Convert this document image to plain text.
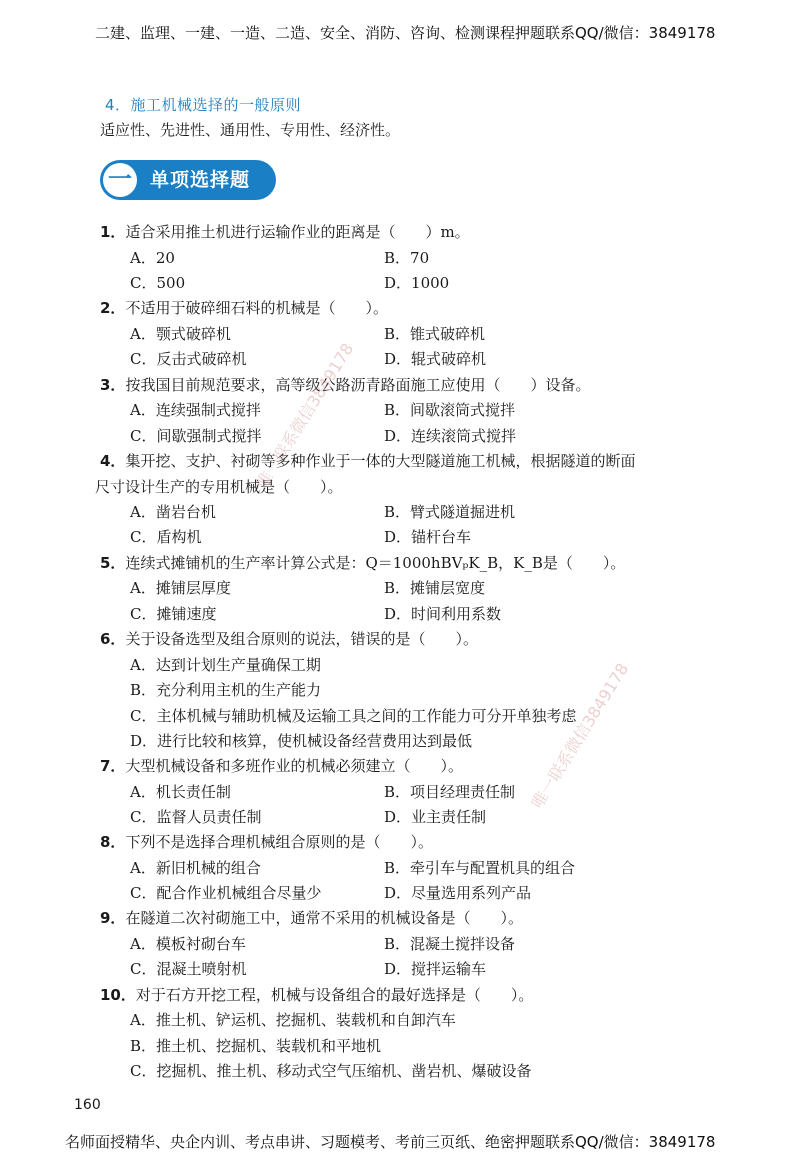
二建、监理、一建、一造、二造、安全、消防、咨询、检测课程押题联系QQ/微信：3849178
4．施工机械选择的一般原则
适应性、先进性、通用性、专用性、经济性。
一 单项选择题
1．适合采用推土机进行运输作业的距离是（　　）m。
A．20	B．70
C．500	D．1000
2．不适用于破碎细石料的机械是（　　）。
A．颚式破碎机	B．锥式破碎机
C．反击式破碎机	D．辊式破碎机
3．按我国目前规范要求，高等级公路沥青路面施工应使用（　　）设备。
A．连续强制式搅拌	B．间歇滚筒式搅拌
C．间歇强制式搅拌	D．连续滚筒式搅拌
4．集开挖、支护、衬砌等多种作业于一体的大型隧道施工机械，根据隧道的断面
尺寸设计生产的专用机械是（　　）。
A．凿岩台机	B．臂式隧道掘进机
C．盾构机	D．锚杆台车
5．连续式摊铺机的生产率计算公式是：Q＝1000hBVₚK_B，K_B是（　　）。
A．摊铺层厚度	B．摊铺层宽度
C．摊铺速度	D．时间利用系数
6．关于设备选型及组合原则的说法，错误的是（　　）。
A．达到计划生产量确保工期
B．充分利用主机的生产能力
C．主体机械与辅助机械及运输工具之间的工作能力可分开单独考虑
D．进行比较和核算，使机械设备经营费用达到最低
7．大型机械设备和多班作业的机械必须建立（　　）。
A．机长责任制	B．项目经理责任制
C．监督人员责任制	D．业主责任制
8．下列不是选择合理机械组合原则的是（　　）。
A．新旧机械的组合	B．牵引车与配置机具的组合
C．配合作业机械组合尽量少	D．尽量选用系列产品
9．在隧道二次衬砌施工中，通常不采用的机械设备是（　　）。
A．模板衬砌台车	B．混凝土搅拌设备
C．混凝土喷射机	D．搅拌运输车
10．对于石方开挖工程，机械与设备组合的最好选择是（　　）。
A．推土机、铲运机、挖掘机、装载机和自卸汽车
B．推土机、挖掘机、装载机和平地机
C．挖掘机、推土机、移动式空气压缩机、凿岩机、爆破设备
160
名师面授精华、央企内训、考点串讲、习题模考、考前三页纸、绝密押题联系QQ/微信：3849178
唯一联系微信3849178
唯一联系微信3849178
